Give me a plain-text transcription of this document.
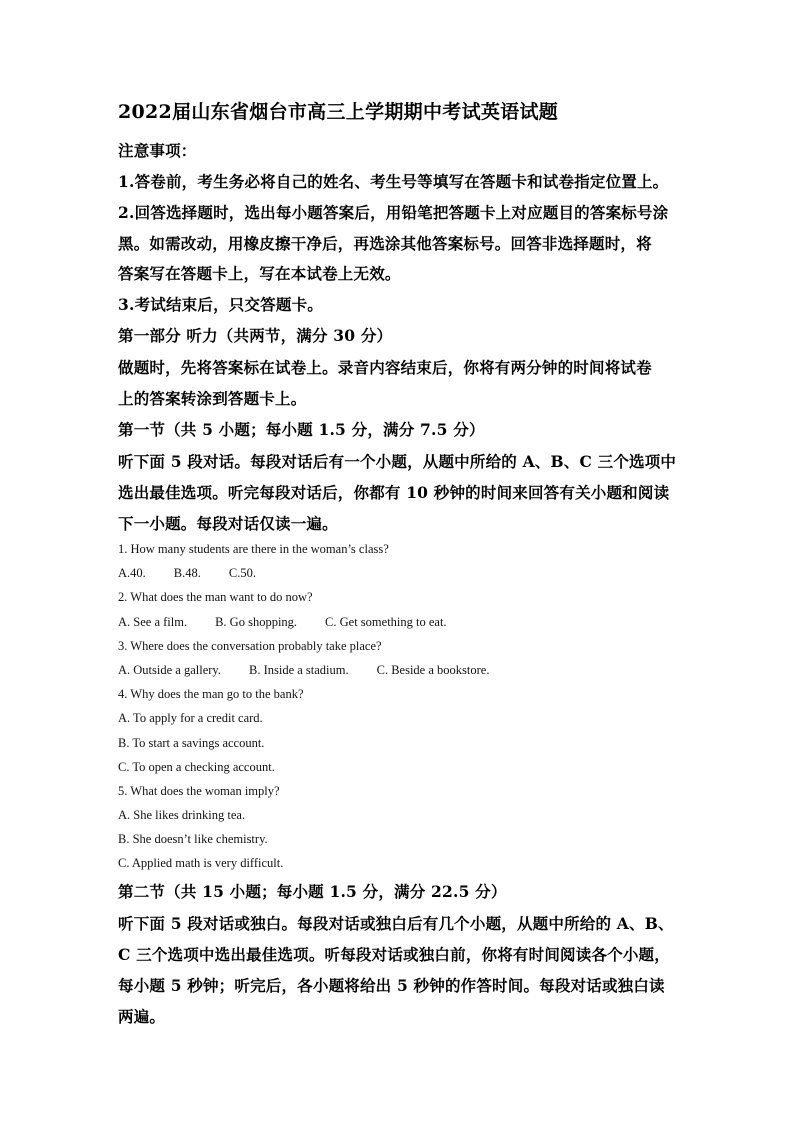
2022届山东省烟台市高三上学期期中考试英语试题
注意事项：
1.答卷前，考生务必将自己的姓名、考生号等填写在答题卡和试卷指定位置上。
2.回答选择题时，选出每小题答案后，用铅笔把答题卡上对应题目的答案标号涂
黑。如需改动，用橡皮擦干净后，再选涂其他答案标号。回答非选择题时，将
答案写在答题卡上，写在本试卷上无效。
3.考试结束后，只交答题卡。
第一部分 听力（共两节，满分 30 分）
做题时，先将答案标在试卷上。录音内容结束后，你将有两分钟的时间将试卷
上的答案转涂到答题卡上。
第一节（共 5 小题；每小题 1.5 分，满分 7.5 分）
听下面 5 段对话。每段对话后有一个小题，从题中所给的 A、B、C 三个选项中
选出最佳选项。听完每段对话后，你都有 10 秒钟的时间来回答有关小题和阅读
下一小题。每段对话仅读一遍。
1. How many students are there in the woman’s class?
A.40. B.48. C.50.
2. What does the man want to do now?
A. See a film. B. Go shopping. C. Get something to eat.
3. Where does the conversation probably take place?
A. Outside a gallery. B. Inside a stadium. C. Beside a bookstore.
4. Why does the man go to the bank?
A. To apply for a credit card.
B. To start a savings account.
C. To open a checking account.
5. What does the woman imply?
A. She likes drinking tea.
B. She doesn’t like chemistry.
C. Applied math is very difficult.
第二节（共 15 小题；每小题 1.5 分，满分 22.5 分）
听下面 5 段对话或独白。每段对话或独白后有几个小题，从题中所给的 A、B、
C 三个选项中选出最佳选项。听每段对话或独白前，你将有时间阅读各个小题，
每小题 5 秒钟；听完后，各小题将给出 5 秒钟的作答时间。每段对话或独白读
两遍。
